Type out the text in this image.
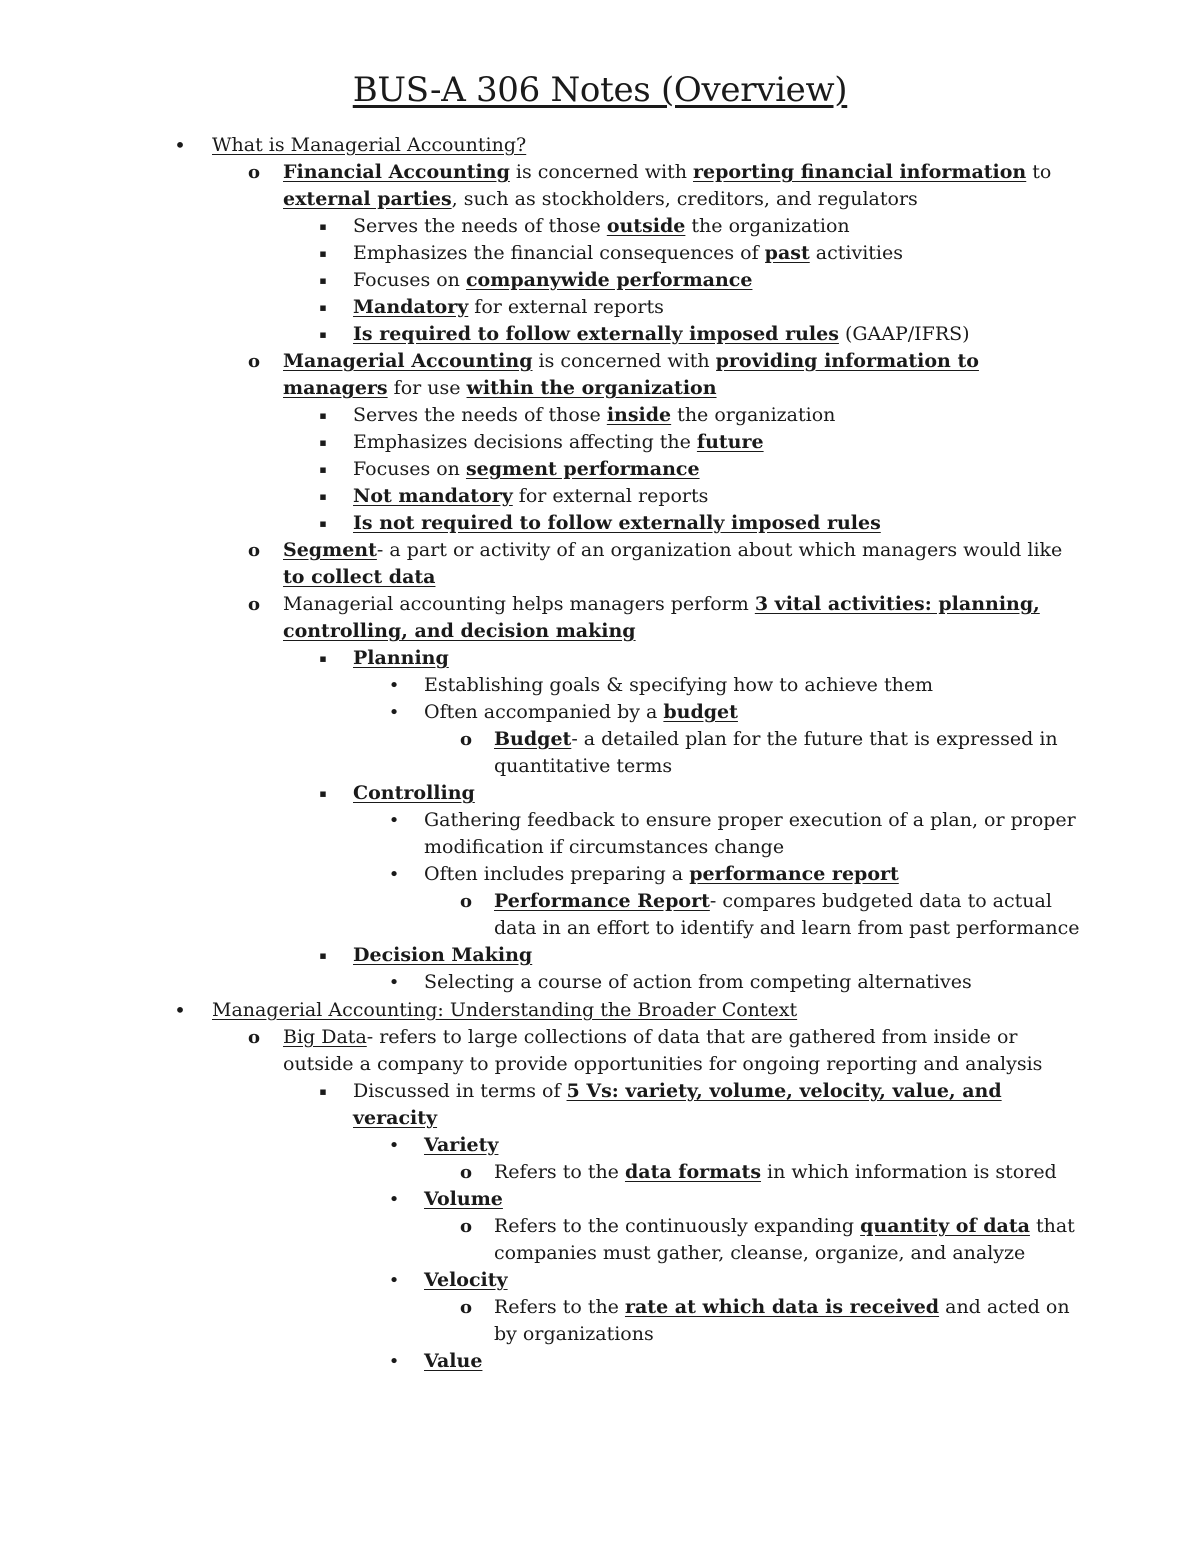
BUS-A 306 Notes (Overview)
• What is Managerial Accounting?
o Financial Accounting is concerned with reporting financial information to external parties, such as stockholders, creditors, and regulators
▪	Serves the needs of those outside the organization
▪	Emphasizes the financial consequences of past activities
▪	Focuses on companywide performance
▪	Mandatory for external reports
▪	Is required to follow externally imposed rules (GAAP/IFRS)
o Managerial Accounting is concerned with providing information to managers for use within the organization
▪	Serves the needs of those inside the organization
▪	Emphasizes decisions affecting the future
▪	Focuses on segment performance
▪	Not mandatory for external reports
▪	Is not required to follow externally imposed rules
o Segment- a part or activity of an organization about which managers would like to collect data
o Managerial accounting helps managers perform 3 vital activities: planning, controlling, and decision making
▪	Planning
• Establishing goals & specifying how to achieve them
• Often accompanied by a budget
o Budget- a detailed plan for the future that is expressed in quantitative terms
▪	Controlling
• Gathering feedback to ensure proper execution of a plan, or proper modification if circumstances change
• Often includes preparing a performance report
o Performance Report- compares budgeted data to actual data in an effort to identify and learn from past performance
▪	Decision Making
• Selecting a course of action from competing alternatives
• Managerial Accounting: Understanding the Broader Context
o Big Data- refers to large collections of data that are gathered from inside or outside a company to provide opportunities for ongoing reporting and analysis
▪	Discussed in terms of 5 Vs: variety, volume, velocity, value, and veracity
• Variety
o Refers to the data formats in which information is stored
• Volume
o Refers to the continuously expanding quantity of data that companies must gather, cleanse, organize, and analyze
• Velocity
o Refers to the rate at which data is received and acted on by organizations
• Value
